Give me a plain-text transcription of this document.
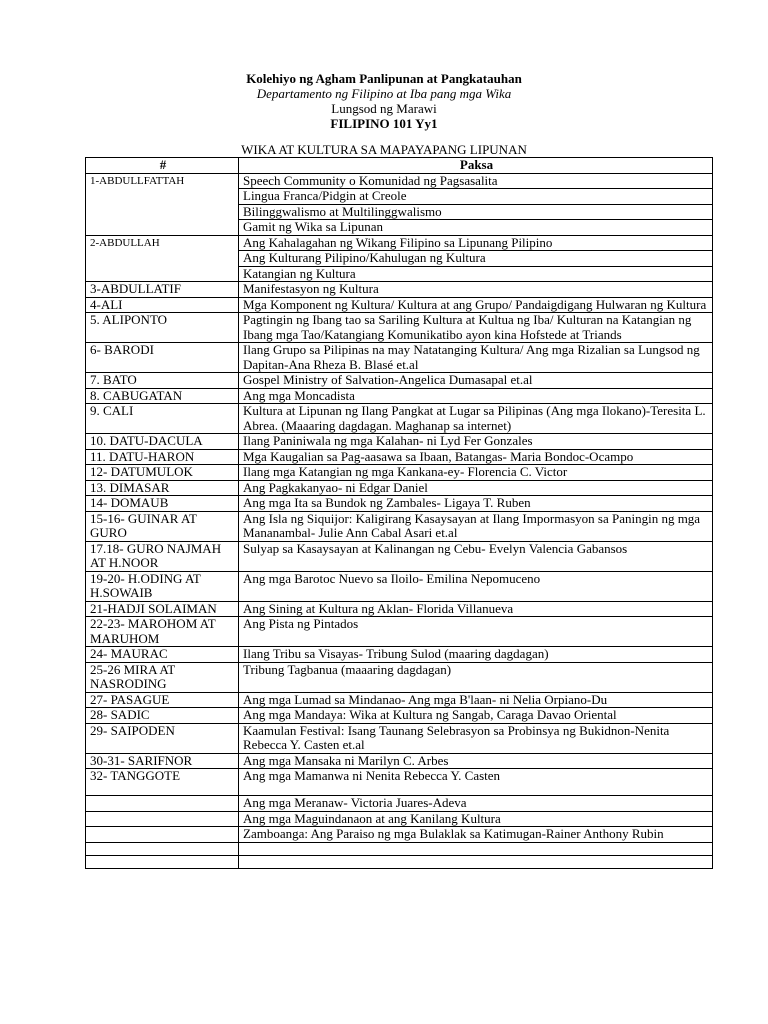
Kolehiyo ng Agham Panlipunan at Pangkatauhan
Departamento ng Filipino at Iba pang mga Wika
Lungsod ng Marawi
FILIPINO 101 Yy1
WIKA AT KULTURA SA MAPAYAPANG LIPUNAN
#	Paksa
1-ABDULLFATTAH	Speech Community o Komunidad ng Pagsasalita
	Lingua Franca/Pidgin at Creole
	Bilinggwalismo at Multilinggwalismo
	Gamit ng Wika sa Lipunan
2-ABDULLAH	Ang Kahalagahan ng Wikang Filipino sa Lipunang Pilipino
	Ang Kulturang Pilipino/Kahulugan ng Kultura
	Katangian ng Kultura
3-ABDULLATIF	Manifestasyon ng Kultura
4-ALI	Mga Komponent ng Kultura/ Kultura at ang Grupo/ Pandaigdigang Hulwaran ng Kultura
5. ALIPONTO	Pagtingin ng Ibang tao sa Sariling Kultura at Kultua ng Iba/ Kulturan na Katangian ng Ibang mga Tao/Katangiang Komunikatibo ayon kina Hofstede at Triands
6- BARODI	Ilang Grupo sa Pilipinas na may Natatanging Kultura/ Ang mga Rizalian sa Lungsod ng Dapitan-Ana Rheza B. Blasé et.al
7. BATO	Gospel Ministry of Salvation-Angelica Dumasapal et.al
8. CABUGATAN	Ang mga Moncadista
9. CALI	Kultura at Lipunan ng Ilang Pangkat at Lugar sa Pilipinas (Ang mga Ilokano)-Teresita L. Abrea. (Maaaring dagdagan. Maghanap sa internet)
10. DATU-DACULA	Ilang Paniniwala ng mga Kalahan- ni Lyd Fer Gonzales
11. DATU-HARON	Mga Kaugalian sa Pag-aasawa sa Ibaan, Batangas- Maria Bondoc-Ocampo
12- DATUMULOK	Ilang mga Katangian ng mga Kankana-ey- Florencia C. Victor
13. DIMASAR	Ang Pagkakanyao- ni Edgar Daniel
14- DOMAUB	Ang mga Ita sa Bundok ng Zambales- Ligaya T. Ruben
15-16- GUINAR AT GURO	Ang Isla ng Siquijor: Kaligirang Kasaysayan at Ilang Impormasyon sa Paningin ng mga Mananambal- Julie Ann Cabal Asari et.al
17.18- GURO NAJMAH AT H.NOOR	Sulyap sa Kasaysayan at Kalinangan ng Cebu- Evelyn Valencia Gabansos
19-20- H.ODING AT H.SOWAIB	Ang mga Barotoc Nuevo sa Iloilo- Emilina Nepomuceno
21-HADJI SOLAIMAN	Ang Sining at Kultura ng Aklan- Florida Villanueva
22-23- MAROHOM AT MARUHOM	Ang Pista ng Pintados
24- MAURAC	Ilang Tribu sa Visayas- Tribung Sulod (maaring dagdagan)
25-26 MIRA AT NASRODING	Tribung Tagbanua (maaaring dagdagan)
27- PASAGUE	Ang mga Lumad sa Mindanao- Ang mga B'laan- ni Nelia Orpiano-Du
28- SADIC	Ang mga Mandaya: Wika at Kultura ng Sangab, Caraga Davao Oriental
29- SAIPODEN	Kaamulan Festival: Isang Taunang Selebrasyon sa Probinsya ng Bukidnon-Nenita Rebecca Y. Casten et.al
30-31- SARIFNOR	Ang mga Mansaka ni Marilyn C. Arbes
32- TANGGOTE	Ang mga Mamanwa ni Nenita Rebecca Y. Casten
	Ang mga Meranaw- Victoria Juares-Adeva
	Ang mga Maguindanaon at ang Kanilang Kultura
	Zamboanga: Ang Paraiso ng mga Bulaklak sa Katimugan-Rainer Anthony Rubin
